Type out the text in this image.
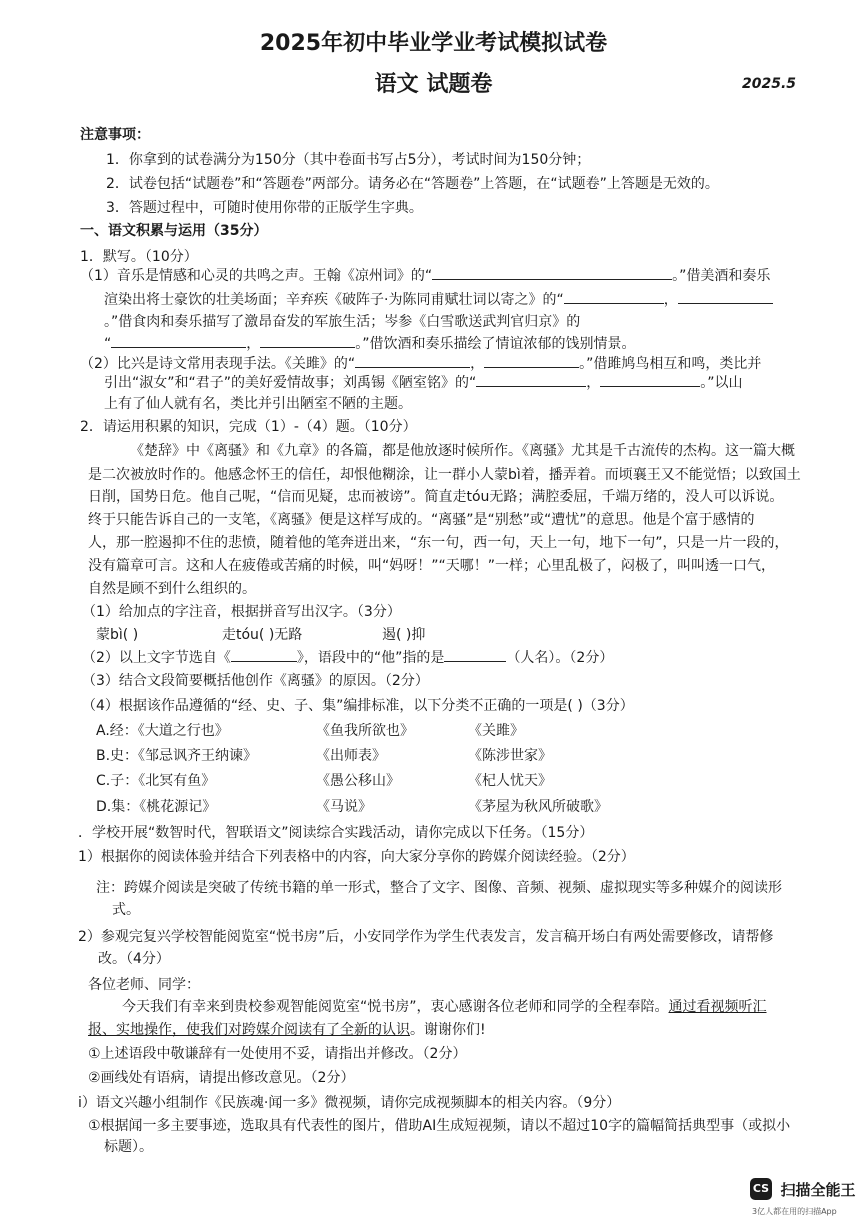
2025年初中毕业学业考试模拟试卷
语文 试题卷	2025.5
注意事项：
1．你拿到的试卷满分为150分（其中卷面书写占5分），考试时间为150分钟；
2．试卷包括“试题卷”和“答题卷”两部分。请务必在“答题卷”上答题，在“试题卷”上答题是无效的。
3．答题过程中，可随时使用你带的正版学生字典。
一、语文积累与运用（35分）
1．默写。（10分）
（1）音乐是情感和心灵的共鸣之声。王翰《凉州词》的“	。”借美酒和奏乐
渲染出将士豪饮的壮美场面；辛弃疾《破阵子·为陈同甫赋壮词以寄之》的“	，
。”借食肉和奏乐描写了激昂奋发的军旅生活；岑参《白雪歌送武判官归京》的
“	，	。”借饮酒和奏乐描绘了情谊浓郁的饯别情景。
（2）比兴是诗文常用表现手法。《关雎》的“	，	。”借雎鸠鸟相互和鸣，类比并
引出“淑女”和“君子”的美好爱情故事；刘禹锡《陋室铭》的“	，	。”以山
上有了仙人就有名，类比并引出陋室不陋的主题。
2．请运用积累的知识，完成（1）-（4）题。（10分）
《楚辞》中《离骚》和《九章》的各篇，都是他放逐时候所作。《离骚》尤其是千古流传的杰构。这一篇大概
是二次被放时作的。他感念怀王的信任，却恨他糊涂，让一群小人蒙bì着，播弄着。而顷襄王又不能觉悟；以致国土
日削，国势日危。他自己呢，“信而见疑，忠而被谤”。简直走tóu无路；满腔委屈，千端万绪的，没人可以诉说。
终于只能告诉自己的一支笔，《离骚》便是这样写成的。“离骚”是“别愁”或“遭忧”的意思。他是个富于感情的
人，那一腔遏抑不住的悲愤，随着他的笔奔迸出来，“东一句，西一句，天上一句，地下一句”，只是一片一段的，
没有篇章可言。这和人在疲倦或苦痛的时候，叫“妈呀！”“天哪！”一样；心里乱极了，闷极了，叫叫透一口气，
自然是顾不到什么组织的。
（1）给加点的字注音，根据拼音写出汉字。（3分）
蒙bì( )	走tóu( )无路	遏( )抑
（2）以上文字节选自《	》，语段中的“他”指的是	（人名）。（2分）
（3）结合文段简要概括他创作《离骚》的原因。（2分）
（4）根据该作品遵循的“经、史、子、集”编排标准，以下分类不正确的一项是( )（3分）
A.经：《大道之行也》	《鱼我所欲也》	《关雎》
B.史：《邹忌讽齐王纳谏》	《出师表》	《陈涉世家》
C.子：《北冥有鱼》	《愚公移山》	《杞人忧天》
D.集：《桃花源记》	《马说》	《茅屋为秋风所破歌》
．学校开展“数智时代，智联语文”阅读综合实践活动，请你完成以下任务。（15分）
1）根据你的阅读体验并结合下列表格中的内容，向大家分享你的跨媒介阅读经验。（2分）
注：跨媒介阅读是突破了传统书籍的单一形式，整合了文字、图像、音频、视频、虚拟现实等多种媒介的阅读形
式。
2）参观完复兴学校智能阅览室“悦书房”后，小安同学作为学生代表发言，发言稿开场白有两处需要修改，请帮修
改。（4分）
各位老师、同学：
今天我们有幸来到贵校参观智能阅览室“悦书房”，衷心感谢各位老师和同学的全程奉陪。通过看视频听汇
报、实地操作，使我们对跨媒介阅读有了全新的认识。谢谢你们!
①上述语段中敬谦辞有一处使用不妥，请指出并修改。（2分）
②画线处有语病，请提出修改意见。（2分）
i）语文兴趣小组制作《民族魂·闻一多》微视频，请你完成视频脚本的相关内容。（9分）
①根据闻一多主要事迹，选取具有代表性的图片，借助AI生成短视频，请以不超过10字的篇幅简括典型事（或拟小
标题）。
CS 扫描全能王
3亿人都在用的扫描App
